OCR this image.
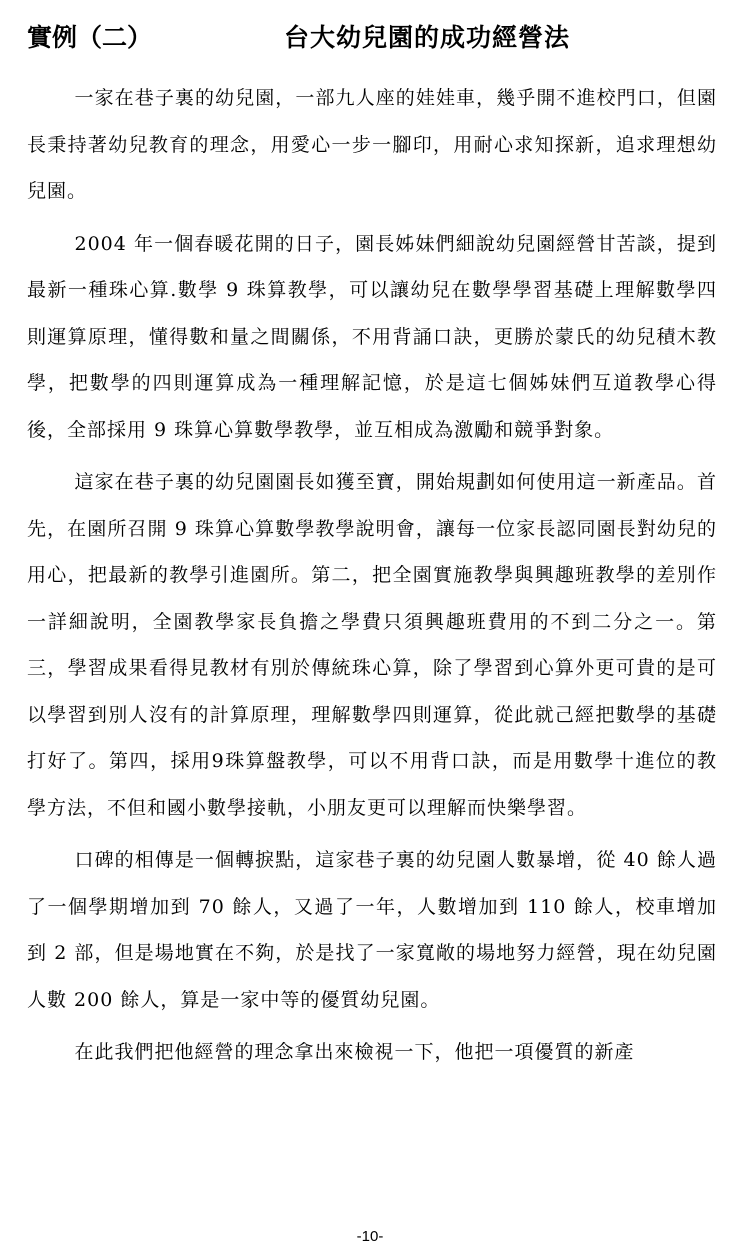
實例（二）	台大幼兒園的成功經營法

一家在巷子裏的幼兒園，一部九人座的娃娃車，幾乎開不進校門口，但園長秉持著幼兒教育的理念，用愛心一步一腳印，用耐心求知探新，追求理想幼兒園。

2004 年一個春暖花開的日子，園長姊妹們細說幼兒園經營甘苦談，提到最新一種珠心算.數學 9 珠算教學，可以讓幼兒在數學學習基礎上理解數學四則運算原理，懂得數和量之間關係，不用背誦口訣，更勝於蒙氏的幼兒積木教學，把數學的四則運算成為一種理解記憶，於是這七個姊妹們互道教學心得後，全部採用 9 珠算心算數學教學，並互相成為激勵和競爭對象。

這家在巷子裏的幼兒園園長如獲至寶，開始規劃如何使用這一新產品。首先，在園所召開 9 珠算心算數學教學說明會，讓每一位家長認同園長對幼兒的用心，把最新的教學引進園所。第二，把全園實施教學與興趣班教學的差別作一詳細說明，全園教學家長負擔之學費只須興趣班費用的不到二分之一。第三，學習成果看得見教材有別於傳統珠心算，除了學習到心算外更可貴的是可以學習到別人沒有的計算原理，理解數學四則運算，從此就己經把數學的基礎打好了。第四，採用9珠算盤教學，可以不用背口訣，而是用數學十進位的教學方法，不但和國小數學接軌，小朋友更可以理解而快樂學習。

口碑的相傳是一個轉捩點，這家巷子裏的幼兒園人數暴增，從 40 餘人過了一個學期增加到 70 餘人，又過了一年，人數增加到 110 餘人，校車增加到 2 部，但是場地實在不夠，於是找了一家寬敞的場地努力經營，現在幼兒園人數 200 餘人，算是一家中等的優質幼兒園。

在此我們把他經營的理念拿出來檢視一下，他把一項優質的新產

-10-
